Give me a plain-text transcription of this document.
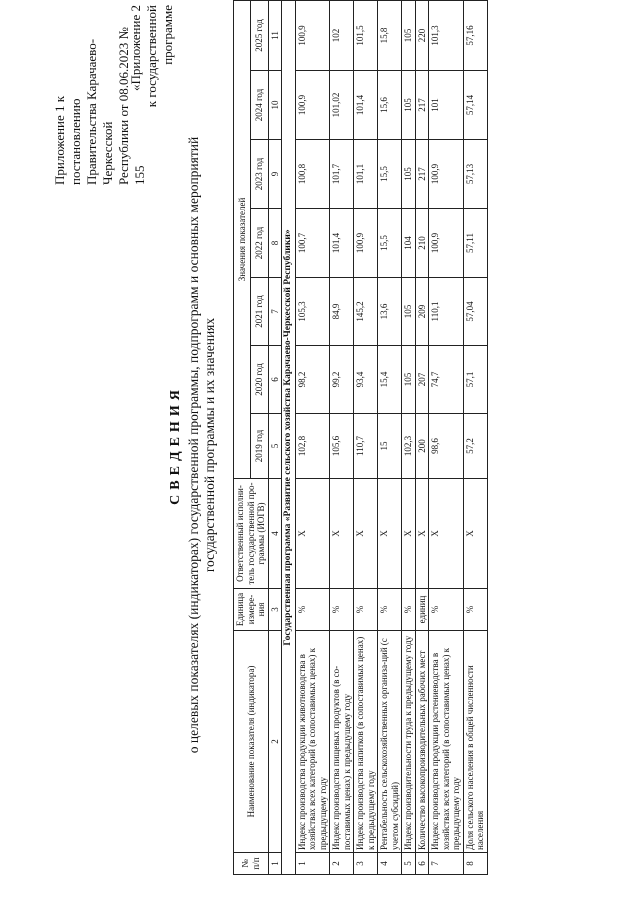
Приложение 1 к постановлению Правительства Карачаево-Черкесской Республики от 08.06.2023 № 155
«Приложение 2 к государственной программе
СВЕДЕНИЯ о целевых показателях (индикаторах) государственной программы, подпрограмм и основных мероприятий государственной программы и их значениях
№ п/п	Наименование показателя (индикатора)	Единица измере-ния	Ответственный исполни-тель государственной про-граммы (ИОГВ)	Значения показателей						
				2019 год	2020 год	2021 год	2022 год	2023 год	2024 год	2025 год
1	2	3	4	5	6	7	8	9	10	11
Государственная программа «Развитие сельского хозяйства Карачаево-Черкесской Республики»										
1	Индекс производства продукции животноводства в хозяйствах всех категорий (в сопоставимых ценах) к предыдущему году	%	X	102,8	98,2	105,3	100,7	100,8	100,9	100,9
2	Индекс производства пищевых продуктов (в со-поставимых ценах) к предыдущему году	%	X	105,6	99,2	84,9	101,4	101,7	101,02	102
3	Индекс производства напитков (в сопоставимых ценах) к предыдущему году	%	X	110,7	93,4	145,2	100,9	101,1	101,4	101,5
4	Рентабельность сельскохозяйственных организа-ций (с учетом субсидий)	%	X	15	15,4	13,6	15,5	15,5	15,6	15,8
5	Индекс производительности труда к предыдущему году	%	X	102,3	105	105	104	105	105	105
6	Количество высокопроизводительных рабочих мест	единиц	X	200	207	209	210	217	217	220
7	Индекс производства продукции растениеводства в хозяйствах всех категорий (в сопоставимых ценах) к предыдущему году	%	X	98,6	74,7	110,1	100,9	100,9	101	101,3
8	Доля сельского населения в общей численности населения	%	X	57,2	57,1	57,04	57,11	57,13	57,14	57,16
